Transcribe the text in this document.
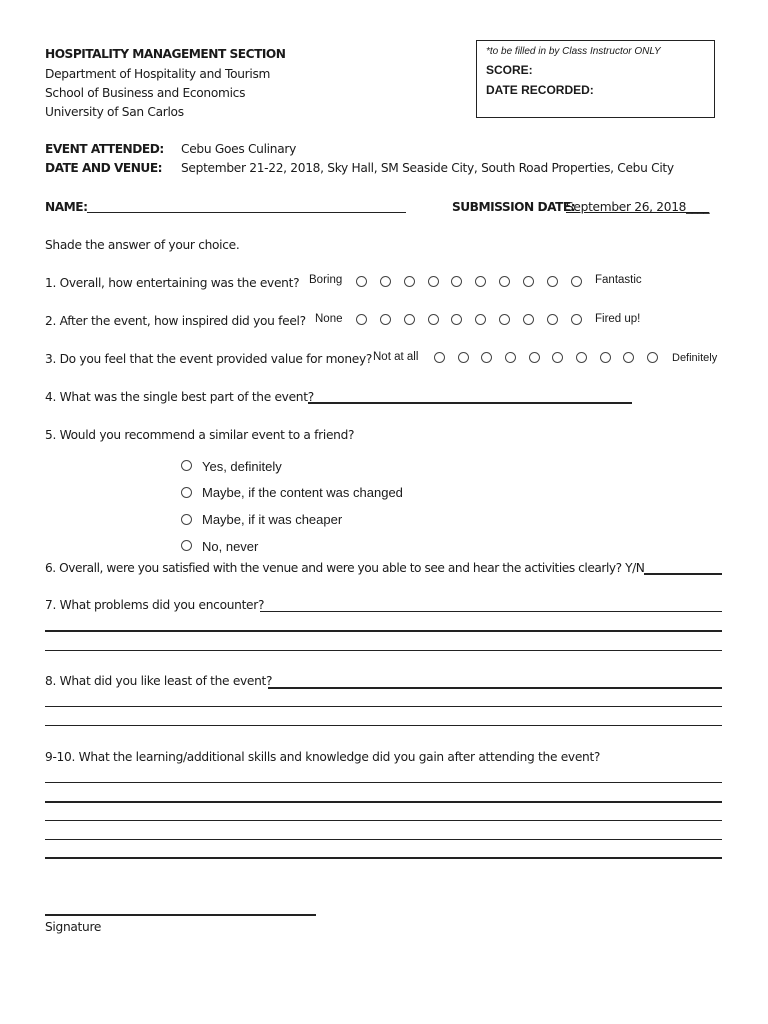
HOSPITALITY MANAGEMENT SECTION
Department of Hospitality and Tourism
School of Business and Economics
University of San Carlos
*to be filled in by Class Instructor ONLY
SCORE:
DATE RECORDED:
EVENT ATTENDED: Cebu Goes Culinary
DATE AND VENUE: September 21-22, 2018, Sky Hall, SM Seaside City, South Road Properties, Cebu City
NAME:	SUBMISSION DATE:
September 26, 2018____
Shade the answer of your choice.
1. Overall, how entertaining was the event? Boring	Fantastic
2. After the event, how inspired did you feel? None	Fired up!
3. Do you feel that the event provided value for money? Not at all	Definitely
4. What was the single best part of the event?
5. Would you recommend a similar event to a friend?
Yes, definitely
Maybe, if the content was changed
Maybe, if it was cheaper
No, never
6. Overall, were you satisfied with the venue and were you able to see and hear the activities clearly? Y/N
7. What problems did you encounter?
8. What did you like least of the event?
9-10. What the learning/additional skills and knowledge did you gain after attending the event?
Signature
